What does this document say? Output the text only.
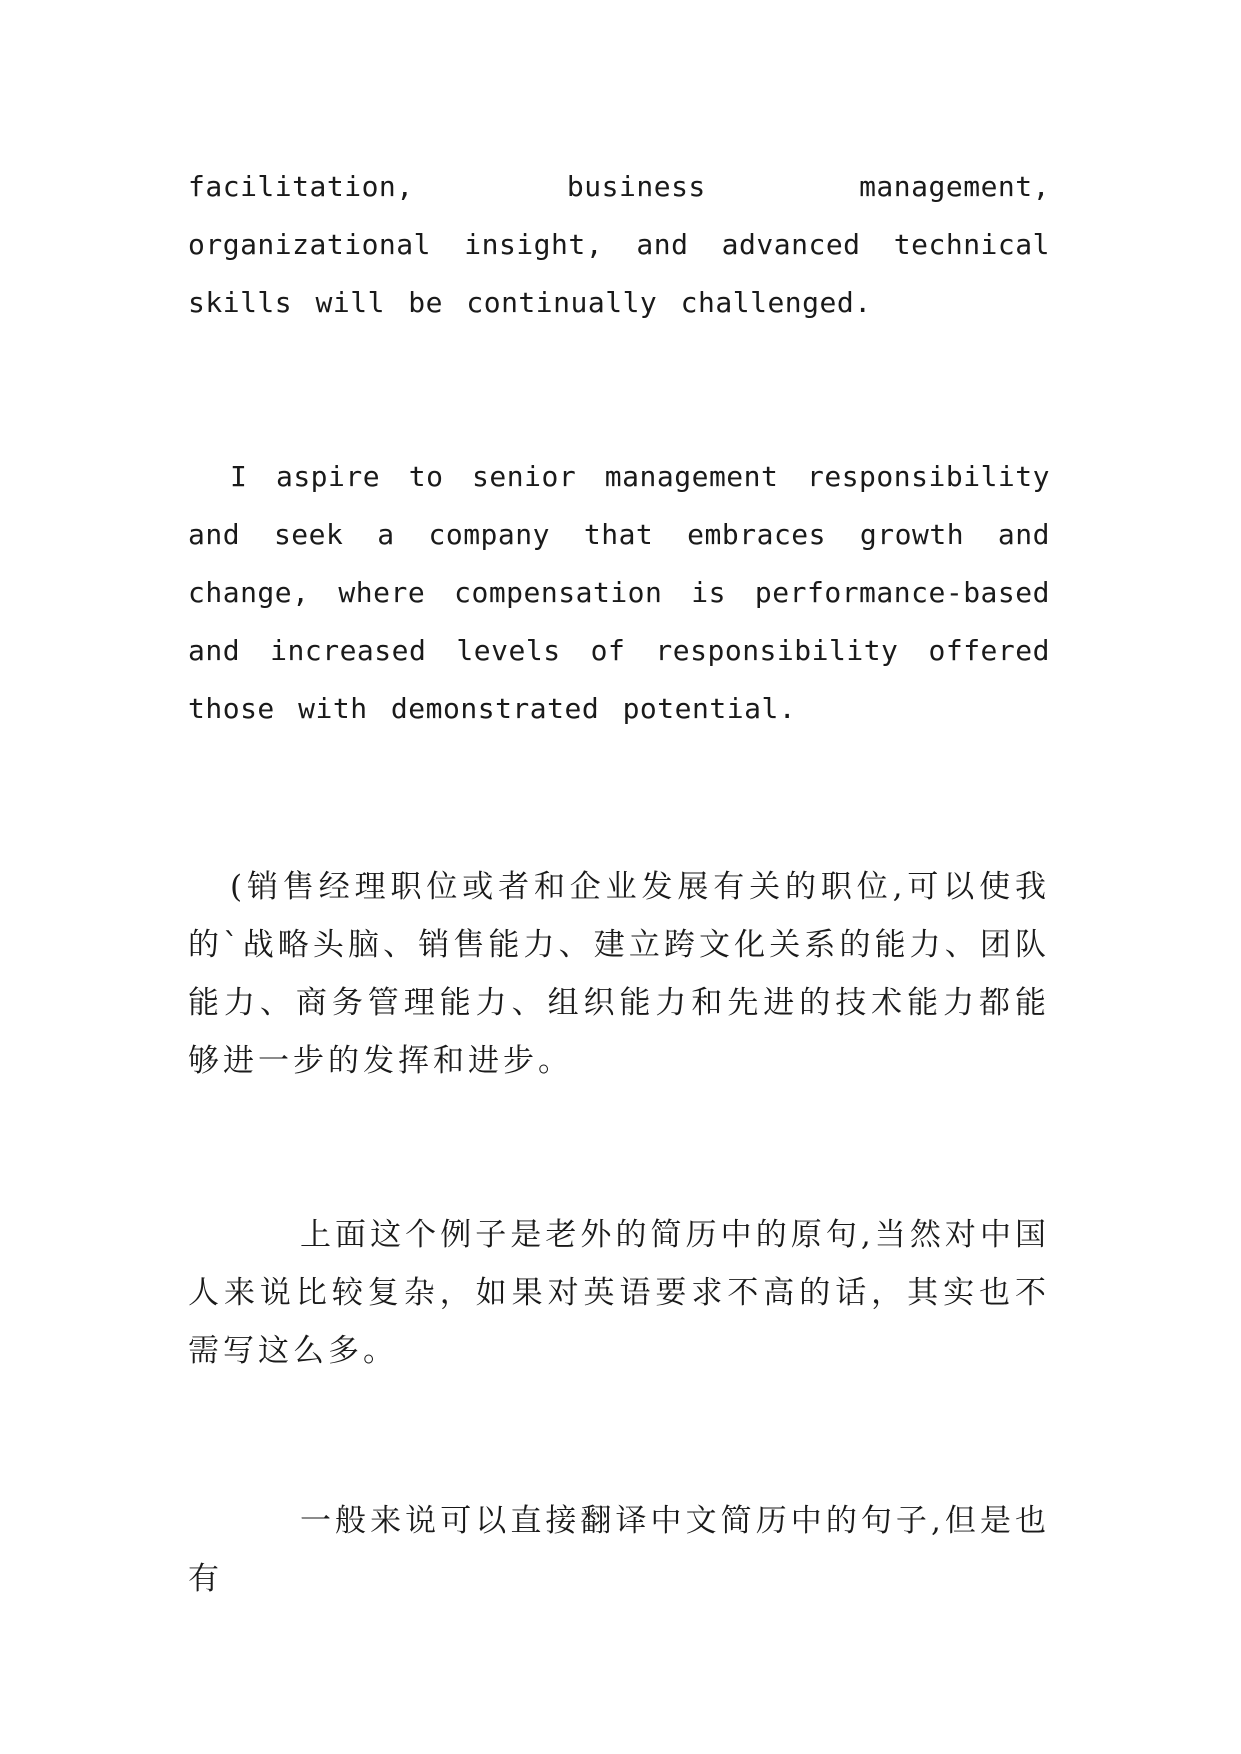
facilitation, business management, organizational insight, and advanced technical skills will be continually challenged.

I aspire to senior management responsibility and seek a company that embraces growth and change, where compensation is performance-based and increased levels of responsibility offered those with demonstrated potential.

(销售经理职位或者和企业发展有关的职位,可以使我的`战略头脑、销售能力、建立跨文化关系的能力、团队能力、商务管理能力、组织能力和先进的技术能力都能够进一步的发挥和进步。

上面这个例子是老外的简历中的原句,当然对中国人来说比较复杂，如果对英语要求不高的话，其实也不需写这么多。

一般来说可以直接翻译中文简历中的句子,但是也有
